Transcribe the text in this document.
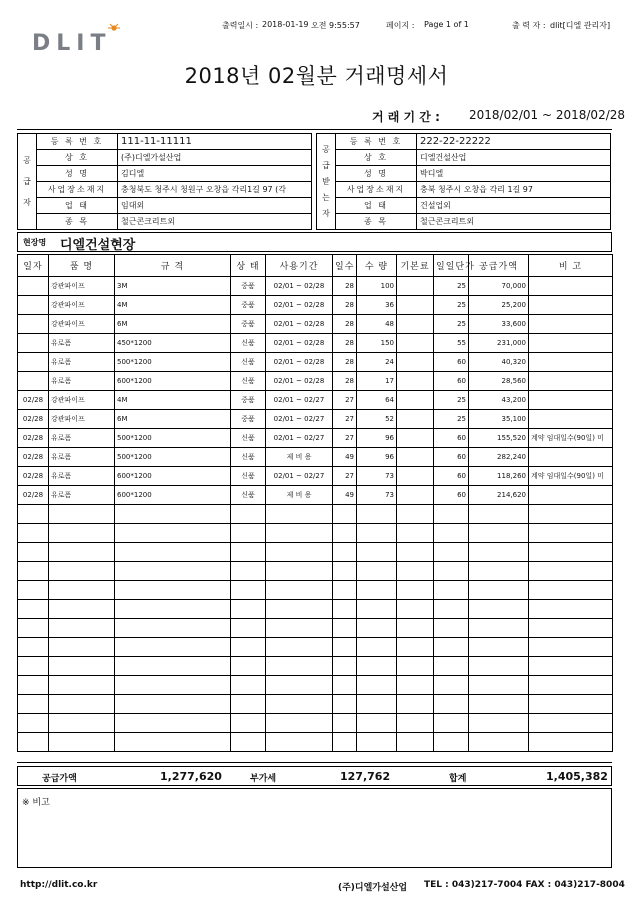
DLIT
출력일시 : 2018-01-19 오전 9:55:57	페이지 : Page 1 of 1	출 력 자 : dlit[디엘 관리자]
2018년 02월분 거래명세서
거 래 기 간 : 2018/02/01 ~ 2018/02/28
공
급
자	등 록 번 호	111-11-11111
	상 호	(주)디엘가설산업
	성 명	김디엘
	사업장소재지	충청북도 청주시 청원구 오창읍 각리1길 97 (각
	업 태	임대외
	종 목	철근콘크리트외
공
급
받
는
자	등 록 번 호	222-22-22222
	상 호	디엘건설산업
	성 명	박디엘
	사업장소재지	충북 청주시 오창읍 각리 1길 97
	업 태	건설업외
	종 목	철근콘크리트외
현장명 디엘건설현장
일자	품 명	규 격	상 태	사용기간	일수	수 량	기본료	일일단가	공급가액	비 고
	강관파이프	3M	중품	02/01 ~ 02/28	28	100		25	70,000	
	강관파이프	4M	중품	02/01 ~ 02/28	28	36		25	25,200	
	강관파이프	6M	중품	02/01 ~ 02/28	28	48		25	33,600	
	유로폼	450*1200	신품	02/01 ~ 02/28	28	150		55	231,000	
	유로폼	500*1200	신품	02/01 ~ 02/28	28	24		60	40,320	
	유로폼	600*1200	신품	02/01 ~ 02/28	28	17		60	28,560	
02/28	강관파이프	4M	중품	02/01 ~ 02/27	27	64		25	43,200	
02/28	강관파이프	6M	중품	02/01 ~ 02/27	27	52		25	35,100	
02/28	유로폼	500*1200	신품	02/01 ~ 02/27	27	96		60	155,520	계약 임대일수(90일) 미
02/28	유로폼	500*1200	신품	제 비 용	49	96		60	282,240	
02/28	유로폼	600*1200	신품	02/01 ~ 02/27	27	73		60	118,260	계약 임대일수(90일) 미
02/28	유로폼	600*1200	신품	제 비 용	49	73		60	214,620	

공급가액	1,277,620	부가세	127,762	합계	1,405,382
※ 비고
http://dlit.co.kr	(주)디엘가설산업 TEL : 043)217-7004 FAX : 043)217-8004
